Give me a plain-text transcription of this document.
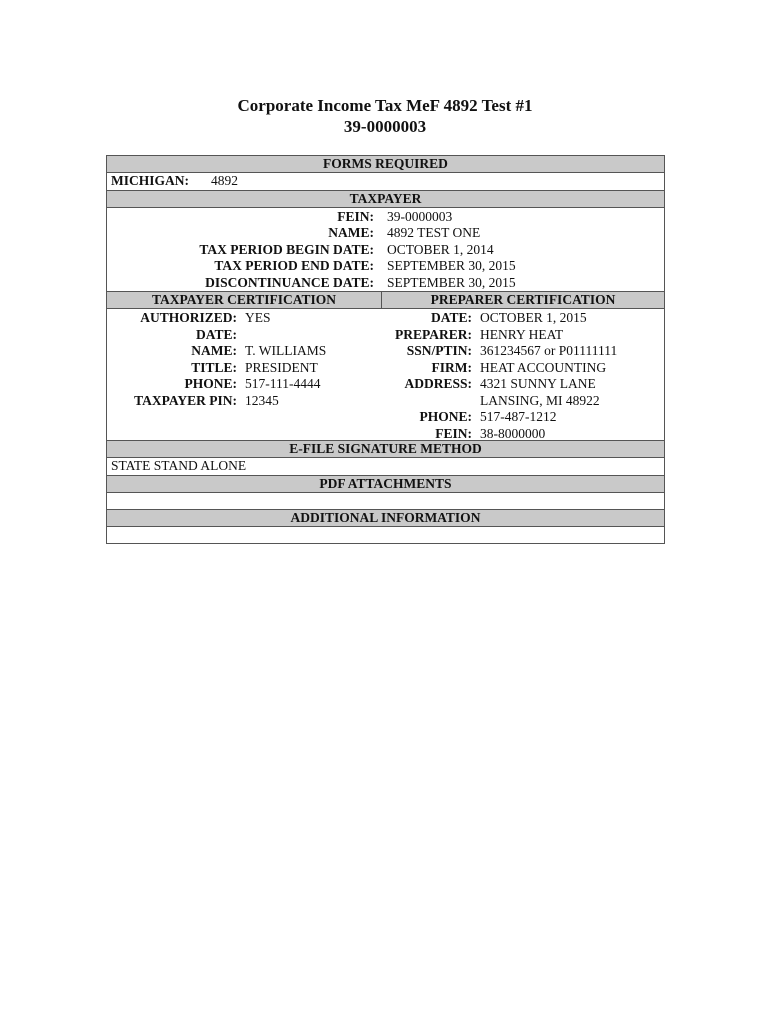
Corporate Income Tax MeF 4892 Test #1
39-0000003
FORMS REQUIRED
MICHIGAN: 4892
TAXPAYER
FEIN: 39-0000003
NAME: 4892 TEST ONE
TAX PERIOD BEGIN DATE: OCTOBER 1, 2014
TAX PERIOD END DATE: SEPTEMBER 30, 2015
DISCONTINUANCE DATE: SEPTEMBER 30, 2015
TAXPAYER CERTIFICATION	PREPARER CERTIFICATION
AUTHORIZED: YES
DATE:
NAME: T. WILLIAMS
TITLE: PRESIDENT
PHONE: 517-111-4444
TAXPAYER PIN: 12345
DATE: OCTOBER 1, 2015
PREPARER: HENRY HEAT
SSN/PTIN: 361234567 or P01111111
FIRM: HEAT ACCOUNTING
ADDRESS: 4321 SUNNY LANE
LANSING, MI 48922
PHONE: 517-487-1212
FEIN: 38-8000000
E-FILE SIGNATURE METHOD
STATE STAND ALONE
PDF ATTACHMENTS
ADDITIONAL INFORMATION
